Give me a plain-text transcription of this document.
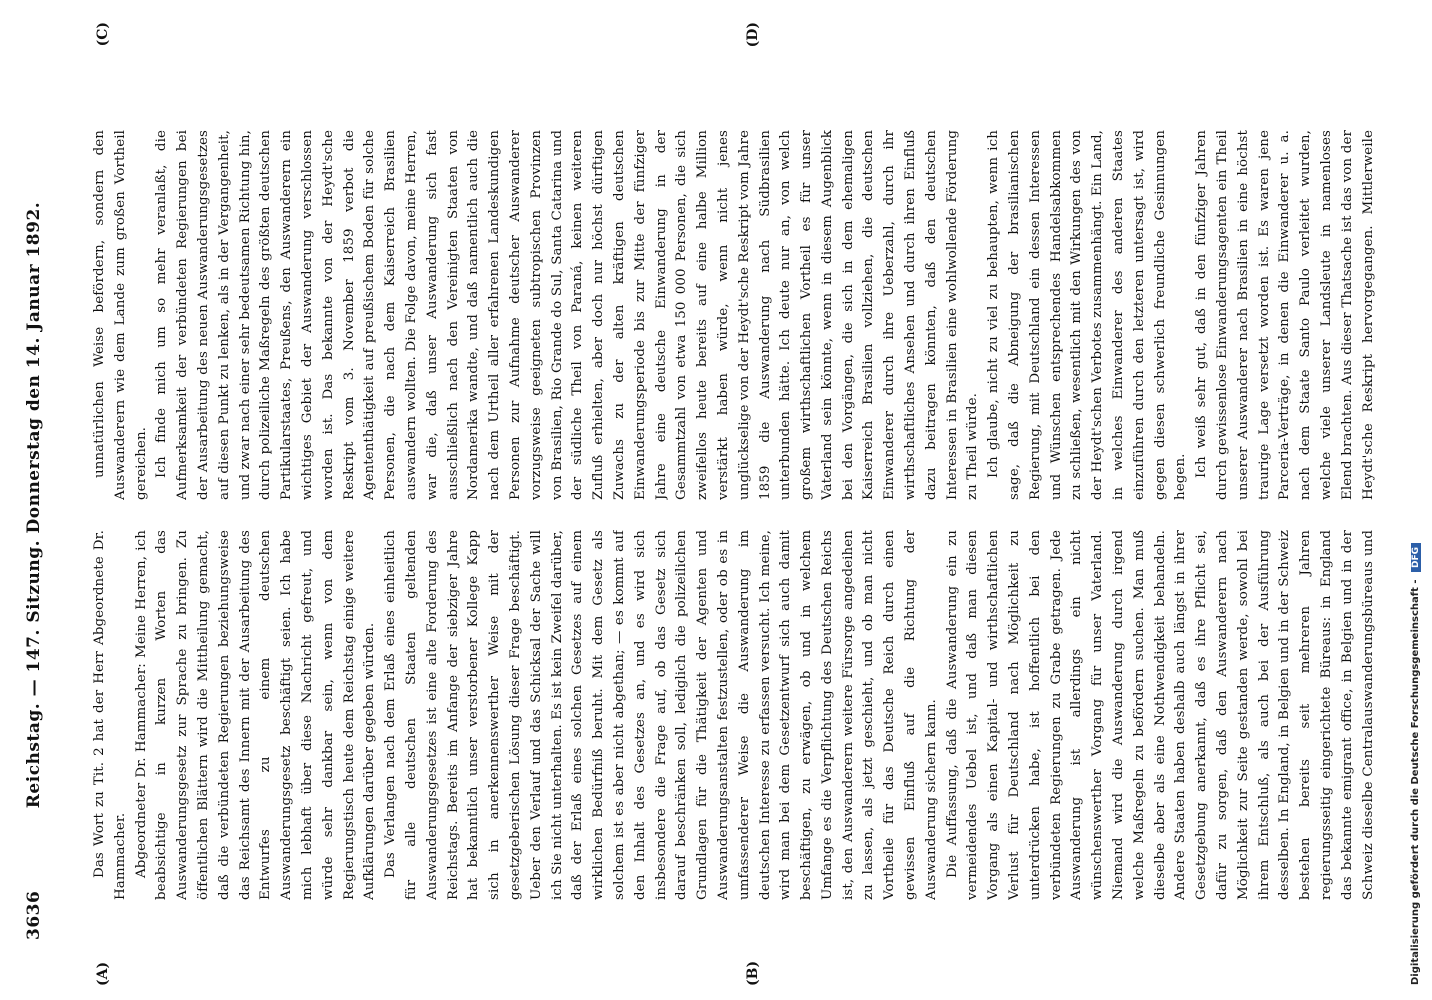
3636
Reichstag. — 147. Sitzung. Donnerstag den 14. Januar 1892.
(A)	(B)
(C)	(D)

Das Wort zu Tit. 2 hat der Herr Abgeordnete Dr. Hammacher. Abgeordneter Dr. Hammacher: Meine Herren, ich beabsichtige in kurzen Worten das Auswanderungsgesetz zur Sprache zu bringen. Zu öffentlichen Blättern wird die Mittheilung gemacht, daß die verbündeten Regierungen beziehungsweise das Reichsamt des Innern mit der Ausarbeitung des Entwurfes zu einem deutschen Auswanderungsgesetz beschäftigt seien. Ich habe mich lebhaft über diese Nachricht gefreut, und würde sehr dankbar sein, wenn von dem Regierungstisch heute dem Reichstag einige weitere Aufklärungen darüber gegeben würden. Das Verlangen nach dem Erlaß eines einheitlich für alle deutschen Staaten geltenden Auswanderungsgesetzes ist eine alte Forderung des Reichstags. Bereits im Anfange der siebziger Jahre hat bekanntlich unser verstorbener Kollege Kapp sich in anerkennenswerther Weise mit der gesetzgeberischen Lösung dieser Frage beschäftigt. Ueber den Verlauf und das Schicksal der Sache will ich Sie nicht unterhalten. Es ist kein Zweifel darüber, daß der Erlaß eines solchen Gesetzes auf einem wirklichen Bedürfniß beruht. Mit dem Gesetz als solchem ist es aber nicht abgethan; — es kommt auf den Inhalt des Gesetzes an, und es wird sich insbesondere die Frage auf, ob das Gesetz sich darauf beschränken soll, lediglich die polizeilichen Grundlagen für die Thätigkeit der Agenten und Auswanderungsanstalten festzustellen, oder ob es in umfassenderer Weise die Auswanderung im deutschen Interesse zu erfassen versucht. Ich meine, wird man bei dem Gesetzentwurf sich auch damit beschäftigen, zu erwägen, ob und in welchem Umfange es die Verpflichtung des Deutschen Reichs ist, den Auswanderern weitere Fürsorge angedeihen zu lassen, als jetzt geschieht, und ob man nicht Vortheile für das Deutsche Reich durch einen gewissen Einfluß auf die Richtung der Auswanderung sichern kann. Die Auffassung, daß die Auswanderung ein zu vermeidendes Uebel ist, und daß man diesen Vorgang als einen Kapital- und wirthschaftlichen Verlust für Deutschland nach Möglichkeit zu unterdrücken habe, ist hoffentlich bei den verbündeten Regierungen zu Grabe getragen. Jede Auswanderung ist allerdings ein nicht wünschenswerther Vorgang für unser Vaterland. Niemand wird die Auswanderung durch irgend welche Maßregeln zu befördern suchen. Man muß dieselbe aber als eine Nothwendigkeit behandeln. Andere Staaten haben deshalb auch längst in ihrer Gesetzgebung anerkannt, daß es ihre Pflicht sei, dafür zu sorgen, daß den Auswanderern nach Möglichkeit zur Seite gestanden werde, sowohl bei ihrem Entschluß, als auch bei der Ausführung desselben. In England, in Belgien und in der Schweiz bestehen bereits seit mehreren Jahren regierungsseitig eingerichtete Büreaus: in England das bekannte emigrant office, in Belgien und in der Schweiz dieselbe Centralauswanderungsbüreaus und

unnatürlichen Weise befördern, sondern den Auswanderern wie dem Lande zum großen Vortheil gereichen. Ich finde mich um so mehr veranlaßt, die Aufmerksamkeit der verbündeten Regierungen bei der Ausarbeitung des neuen Auswanderungsgesetzes auf diesen Punkt zu lenken, als in der Vergangenheit, und zwar nach einer sehr bedeutsamen Richtung hin, durch polizeiliche Maßregeln des größten deutschen Partikularstaates, Preußens, den Auswanderern ein wichtiges Gebiet der Auswanderung verschlossen worden ist. Das bekannte von der Heydt'sche Reskript vom 3. November 1859 verbot die Agententhätigkeit auf preußischem Boden für solche Personen, die nach dem Kaiserreich Brasilien auswandern wollten. Die Folge davon, meine Herren, war die, daß unser Auswanderung sich fast ausschließlich nach den Vereinigten Staaten von Nordamerika wandte, und daß namentlich auch die nach dem Urtheil aller erfahrenen Landeskundigen Personen zur Aufnahme deutscher Auswanderer vorzugsweise geeigneten subtropischen Provinzen von Brasilien, Rio Grande do Sul, Santa Catarina und der südliche Theil von Paraná, keinen weiteren Zufluß erhielten, aber doch nur höchst dürftigen Zuwachs zu der alten kräftigen deutschen Einwanderungsperiode bis zur Mitte der fünfziger Jahre eine deutsche Einwanderung in der Gesammtzahl von etwa 150 000 Personen, die sich zweifellos heute bereits auf eine halbe Million verstärkt haben würde, wenn nicht jenes unglückselige von der Heydt'sche Reskript vom Jahre 1859 die Auswanderung nach Südbrasilien unterbunden hätte. Ich deute nur an, von welch großem wirthschaftlichen Vortheil es für unser Vaterland sein könnte, wenn in diesem Augenblick bei den Vorgängen, die sich in dem ehemaligen Kaiserreich Brasilien vollziehen, die deutschen Einwanderer durch ihre Ueberzahl, durch ihr wirthschaftliches Ansehen und durch ihren Einfluß dazu beitragen könnten, daß den deutschen Interessen in Brasilien eine wohlwollende Förderung zu Theil würde. Ich glaube, nicht zu viel zu behaupten, wenn ich sage, daß die Abneigung der brasilianischen Regierung, mit Deutschland ein dessen Interessen und Wünschen entsprechendes Handelsabkommen zu schließen, wesentlich mit den Wirkungen des von der Heydt'schen Verbotes zusammenhängt. Ein Land, in welches Einwanderer des anderen Staates einzuführen durch den letzteren untersagt ist, wird gegen diesen schwerlich freundliche Gesinnungen hegen. Ich weiß sehr gut, daß in den fünfziger Jahren durch gewissenlose Einwanderungsagenten ein Theil unserer Auswanderer nach Brasilien in eine höchst traurige Lage versetzt worden ist. Es waren jene Parceria-Verträge, in denen die Einwanderer u. a. nach dem Staate Santo Paulo verleitet wurden, welche viele unserer Landsleute in namenloses Elend brachten. Aus dieser Thatsache ist das von der Heydt'sche Reskript hervorgegangen. Mittlerweile

Digitalisierung gefördert durch die Deutsche Forschungsgemeinschaft - DFG
